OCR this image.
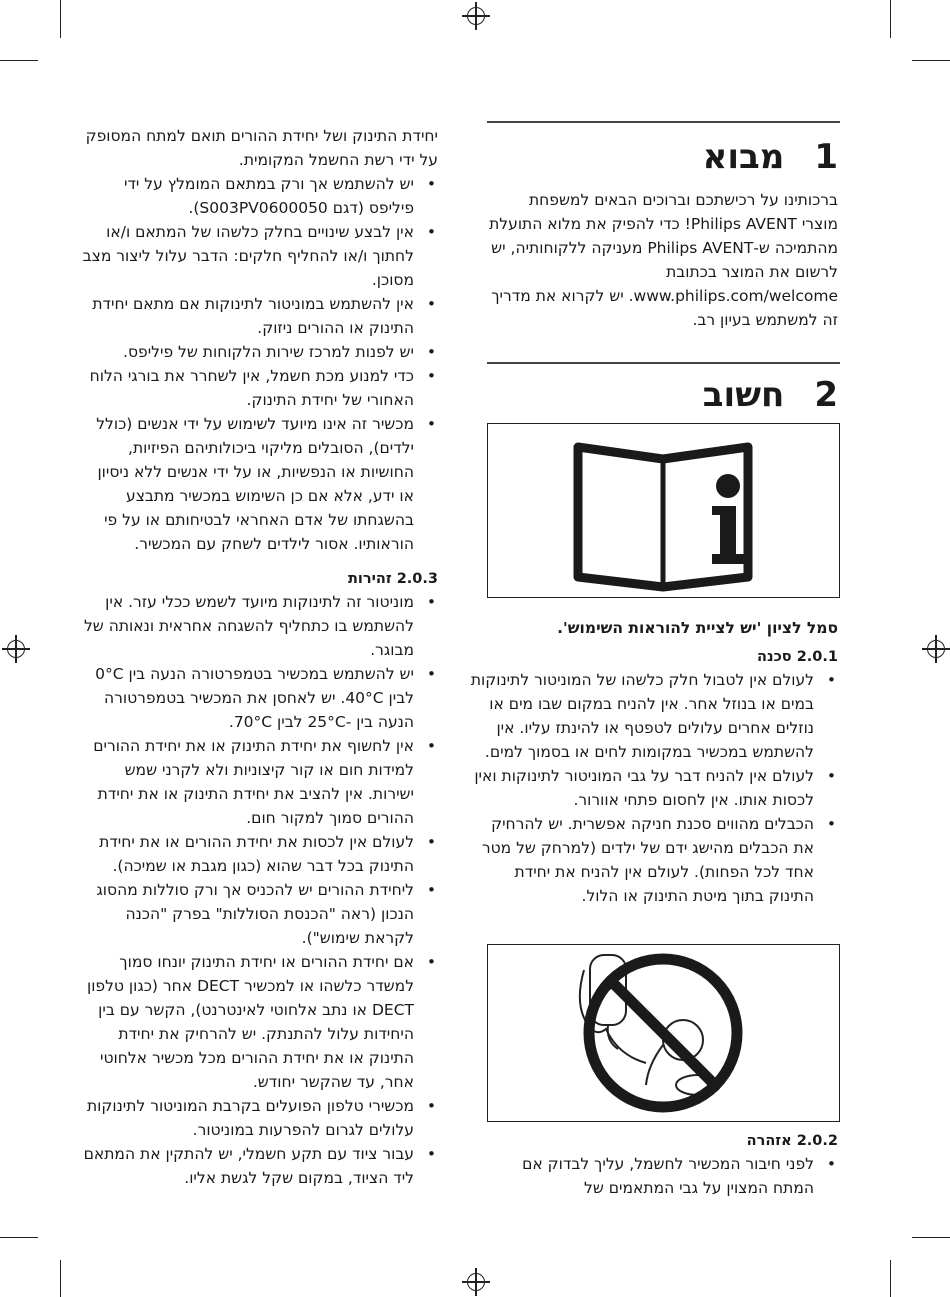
1מבוא

ברכותינו על רכישתכם וברוכים הבאים למשפחת מוצרי Philips AVENT! כדי להפיק את מלוא התועלת מהתמיכה ש-Philips AVENT מעניקה ללקוחותיה, יש לרשום את המוצר בכתובת www.philips.com/welcome. יש לקרוא את מדריך זה למשתמש בעיון רב.

2חשוב

סמל לציון 'יש לציית להוראות השימוש'.

2.0.1 סכנה
• לעולם אין לטבול חלק כלשהו של המוניטור לתינוקות במים או בנוזל אחר. אין להניח במקום שבו מים או נוזלים אחרים עלולים לטפטף או להינתז עליו. אין להשתמש במכשיר במקומות לחים או בסמוך למים.
• לעולם אין להניח דבר על גבי המוניטור לתינוקות ואין לכסות אותו. אין לחסום פתחי אוורור.
• הכבלים מהווים סכנת חניקה אפשרית. יש להרחיק את הכבלים מהישג ידם של ילדים (למרחק של מטר אחד לכל הפחות). לעולם אין להניח את יחידת התינוק בתוך מיטת התינוק או הלול.
2.0.2 אזהרה
• לפני חיבור המכשיר לחשמל, עליך לבדוק אם המתח המצוין על גבי המתאמים של

יחידת התינוק ושל יחידת ההורים תואם למתח המסופק על ידי רשת החשמל המקומית.

• יש להשתמש אך ורק במתאם המומלץ על ידי פיליפס (דגם S003PV0600050).
• אין לבצע שינויים בחלק כלשהו של המתאם ו/או לחתוך ו/או להחליף חלקים: הדבר עלול ליצור מצב מסוכן.
• אין להשתמש במוניטור לתינוקות אם מתאם יחידת התינוק או ההורים ניזוק.
• יש לפנות למרכז שירות הלקוחות של פיליפס.
• כדי למנוע מכת חשמל, אין לשחרר את בורגי הלוח האחורי של יחידת התינוק.
• מכשיר זה אינו מיועד לשימוש על ידי אנשים (כולל ילדים), הסובלים מליקוי ביכולותיהם הפיזיות, החושיות או הנפשיות, או על ידי אנשים ללא ניסיון או ידע, אלא אם כן השימוש במכשיר מתבצע בהשגחתו של אדם האחראי לבטיחותם או על פי הוראותיו. אסור לילדים לשחק עם המכשיר.
2.0.3 זהירות
• מוניטור זה לתינוקות מיועד לשמש ככלי עזר. אין להשתמש בו כתחליף להשגחה אחראית ונאותה של מבוגר.
• יש להשתמש במכשיר בטמפרטורה הנעה בין 0°C לבין 40°C. יש לאחסן את המכשיר בטמפרטורה הנעה בין -25°C לבין 70°C.
• אין לחשוף את יחידת התינוק או את יחידת ההורים למידות חום או קור קיצוניות ולא לקרני שמש ישירות. אין להציב את יחידת התינוק או את יחידת ההורים סמוך למקור חום.
• לעולם אין לכסות את יחידת ההורים או את יחידת התינוק בכל דבר שהוא (כגון מגבת או שמיכה).
• ליחידת ההורים יש להכניס אך ורק סוללות מהסוג הנכון (ראה "הכנסת הסוללות" בפרק "הכנה לקראת שימוש").
• אם יחידת ההורים או יחידת התינוק יונחו סמוך למשדר כלשהו או למכשיר DECT אחר (כגון טלפון DECT או נתב אלחוטי לאינטרנט), הקשר עם בין היחידות עלול להתנתק. יש להרחיק את יחידת התינוק או את יחידת ההורים מכל מכשיר אלחוטי אחר, עד שהקשר יחודש.
• מכשירי טלפון הפועלים בקרבת המוניטור לתינוקות עלולים לגרום להפרעות במוניטור.
• עבור ציוד עם תקע חשמלי, יש להתקין את המתאם ליד הציוד, במקום שקל לגשת אליו.
